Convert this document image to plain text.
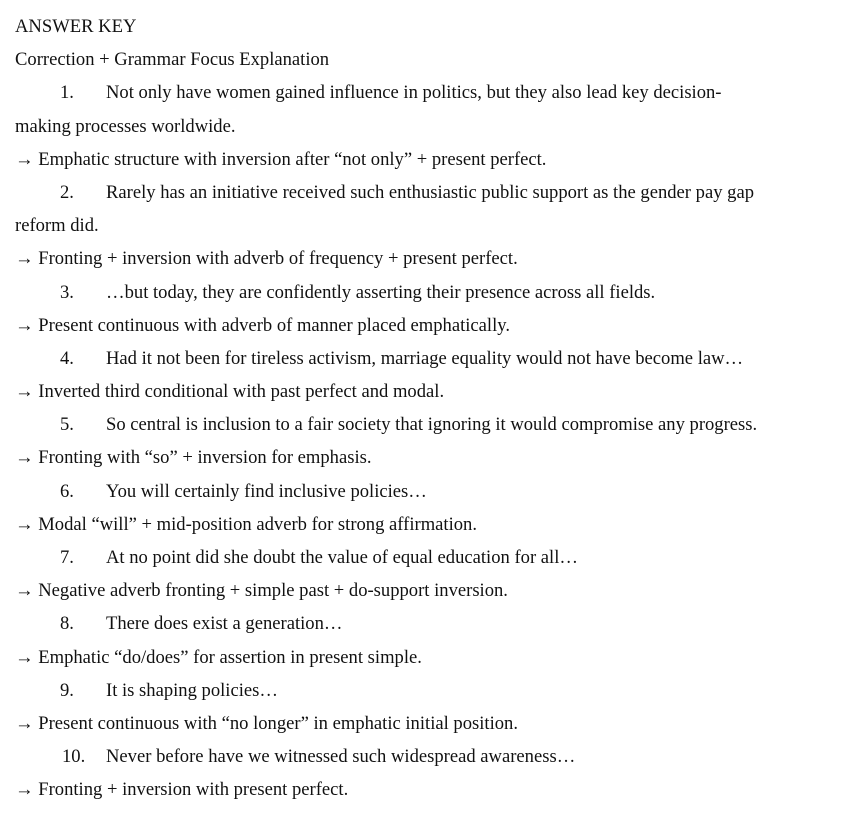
ANSWER KEY
Correction + Grammar Focus Explanation
1. Not only have women gained influence in politics, but they also lead key decision-
making processes worldwide.
→ Emphatic structure with inversion after “not only” + present perfect.
2. Rarely has an initiative received such enthusiastic public support as the gender pay gap
reform did.
→ Fronting + inversion with adverb of frequency + present perfect.
3. …but today, they are confidently asserting their presence across all fields.
→ Present continuous with adverb of manner placed emphatically.
4. Had it not been for tireless activism, marriage equality would not have become law…
→ Inverted third conditional with past perfect and modal.
5. So central is inclusion to a fair society that ignoring it would compromise any progress.
→ Fronting with “so” + inversion for emphasis.
6. You will certainly find inclusive policies…
→ Modal “will” + mid-position adverb for strong affirmation.
7. At no point did she doubt the value of equal education for all…
→ Negative adverb fronting + simple past + do-support inversion.
8. There does exist a generation…
→ Emphatic “do/does” for assertion in present simple.
9. It is shaping policies…
→ Present continuous with “no longer” in emphatic initial position.
10. Never before have we witnessed such widespread awareness…
→ Fronting + inversion with present perfect.
